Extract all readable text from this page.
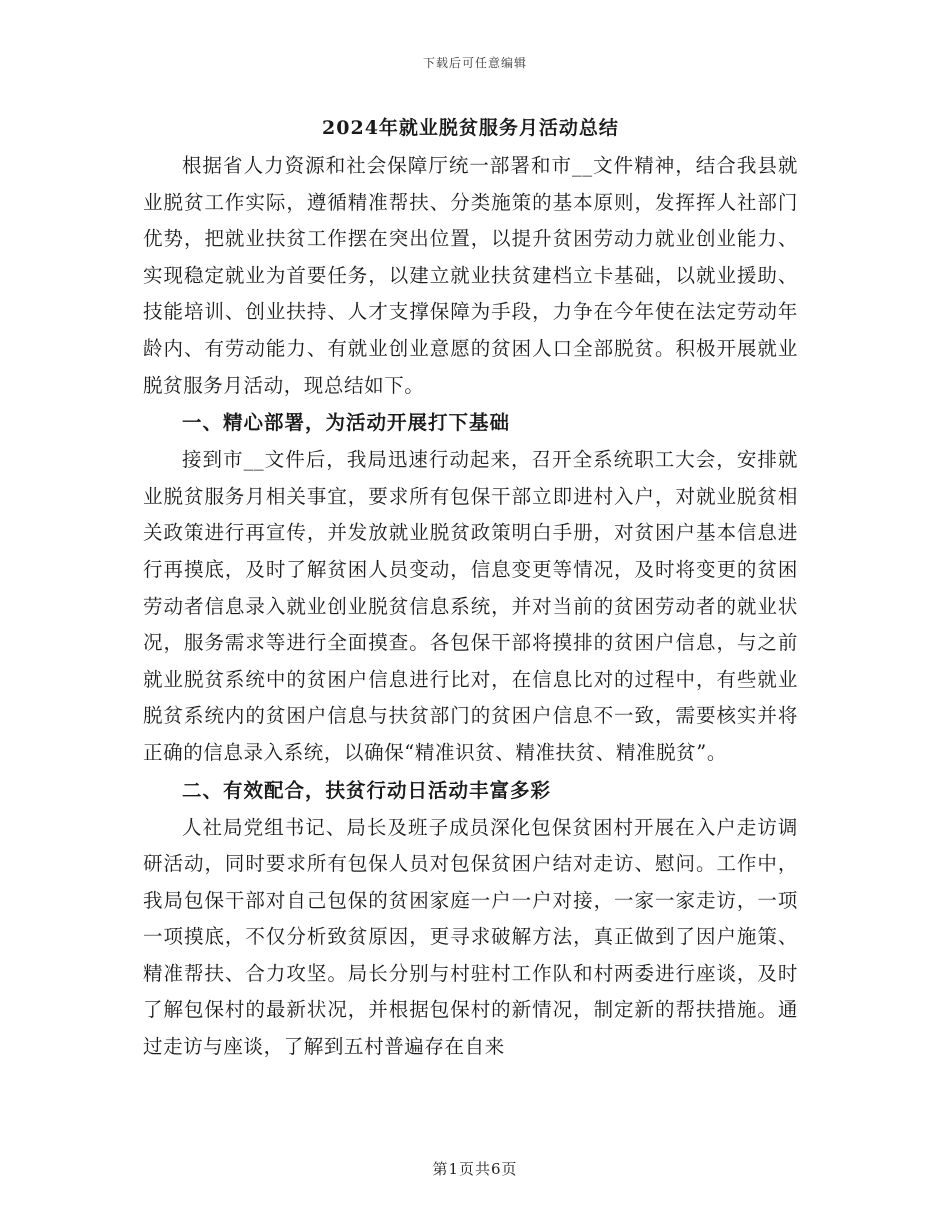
下载后可任意编辑
2024年就业脱贫服务月活动总结

根据省人力资源和社会保障厅统一部署和市__文件精神，结合我县就业脱贫工作实际，遵循精准帮扶、分类施策的基本原则，发挥挥人社部门优势，把就业扶贫工作摆在突出位置，以提升贫困劳动力就业创业能力、实现稳定就业为首要任务，以建立就业扶贫建档立卡基础，以就业援助、技能培训、创业扶持、人才支撑保障为手段，力争在今年使在法定劳动年龄内、有劳动能力、有就业创业意愿的贫困人口全部脱贫。积极开展就业脱贫服务月活动，现总结如下。

一、精心部署，为活动开展打下基础

接到市__文件后，我局迅速行动起来，召开全系统职工大会，安排就业脱贫服务月相关事宜，要求所有包保干部立即进村入户，对就业脱贫相关政策进行再宣传，并发放就业脱贫政策明白手册，对贫困户基本信息进行再摸底，及时了解贫困人员变动，信息变更等情况，及时将变更的贫困劳动者信息录入就业创业脱贫信息系统，并对当前的贫困劳动者的就业状况，服务需求等进行全面摸查。各包保干部将摸排的贫困户信息，与之前就业脱贫系统中的贫困户信息进行比对，在信息比对的过程中，有些就业脱贫系统内的贫困户信息与扶贫部门的贫困户信息不一致，需要核实并将正确的信息录入系统，以确保“精准识贫、精准扶贫、精准脱贫”。

二、有效配合，扶贫行动日活动丰富多彩

人社局党组书记、局长及班子成员深化包保贫困村开展在入户走访调研活动，同时要求所有包保人员对包保贫困户结对走访、慰问。工作中，我局包保干部对自己包保的贫困家庭一户一户对接，一家一家走访，一项一项摸底，不仅分析致贫原因，更寻求破解方法，真正做到了因户施策、精准帮扶、合力攻坚。局长分别与村驻村工作队和村两委进行座谈，及时了解包保村的最新状况，并根据包保村的新情况，制定新的帮扶措施。通过走访与座谈，了解到五村普遍存在自来

第1页共6页
